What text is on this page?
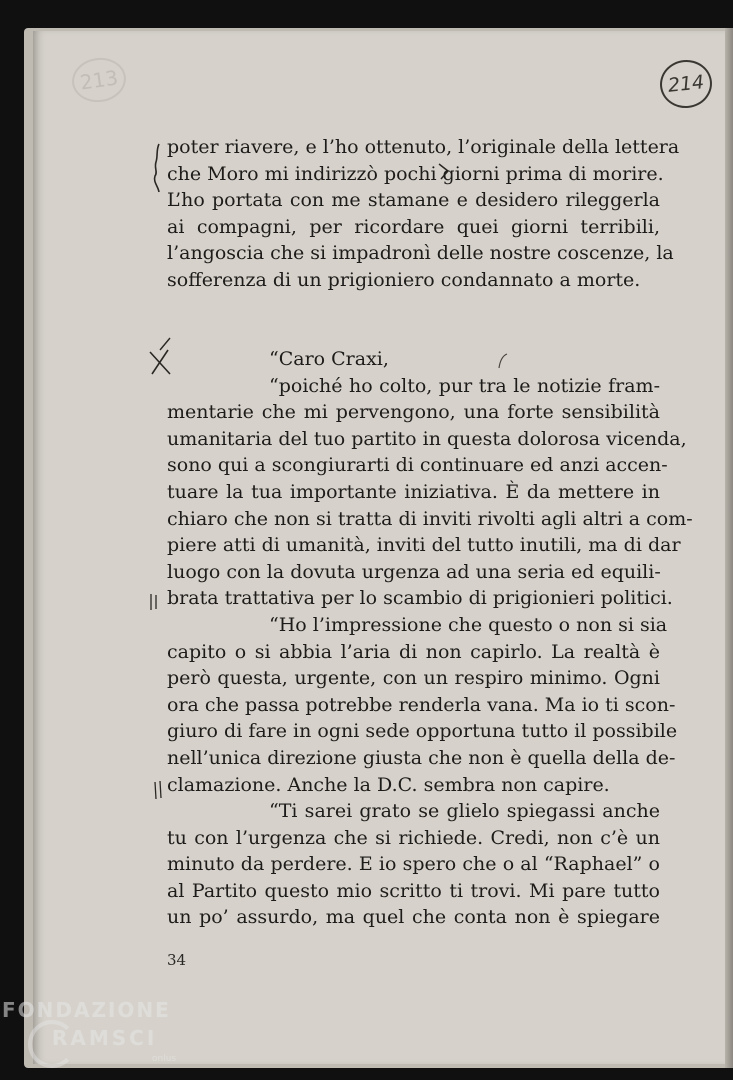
213	214
poter riavere, e l’ho ottenuto, l’originale della lettera
che Moro mi indirizzò pochi giorni prima di morire.
L’ho portata con me stamane e desidero rileggerla
ai compagni, per ricordare quei giorni terribili,
l’angoscia che si impadronì delle nostre coscenze, la
sofferenza di un prigioniero condannato a morte.
“Caro Craxi,
“poiché ho colto, pur tra le notizie fram-
mentarie che mi pervengono, una forte sensibilità
umanitaria del tuo partito in questa dolorosa vicenda,
sono qui a scongiurarti di continuare ed anzi accen-
tuare la tua importante iniziativa. È da mettere in
chiaro che non si tratta di inviti rivolti agli altri a com-
piere atti di umanità, inviti del tutto inutili, ma di dar
luogo con la dovuta urgenza ad una seria ed equili-
brata trattativa per lo scambio di prigionieri politici.
“Ho l’impressione che questo o non si sia
capito o si abbia l’aria di non capirlo. La realtà è
però questa, urgente, con un respiro minimo. Ogni
ora che passa potrebbe renderla vana. Ma io ti scon-
giuro di fare in ogni sede opportuna tutto il possibile
nell’unica direzione giusta che non è quella della de-
clamazione. Anche la D.C. sembra non capire.
“Ti sarei grato se glielo spiegassi anche
tu con l’urgenza che si richiede. Credi, non c’è un
minuto da perdere. E io spero che o al “Raphael” o
al Partito questo mio scritto ti trovi. Mi pare tutto
un po’ assurdo, ma quel che conta non è spiegare
34
FONDAZIONE
RAMSCI
onlus
